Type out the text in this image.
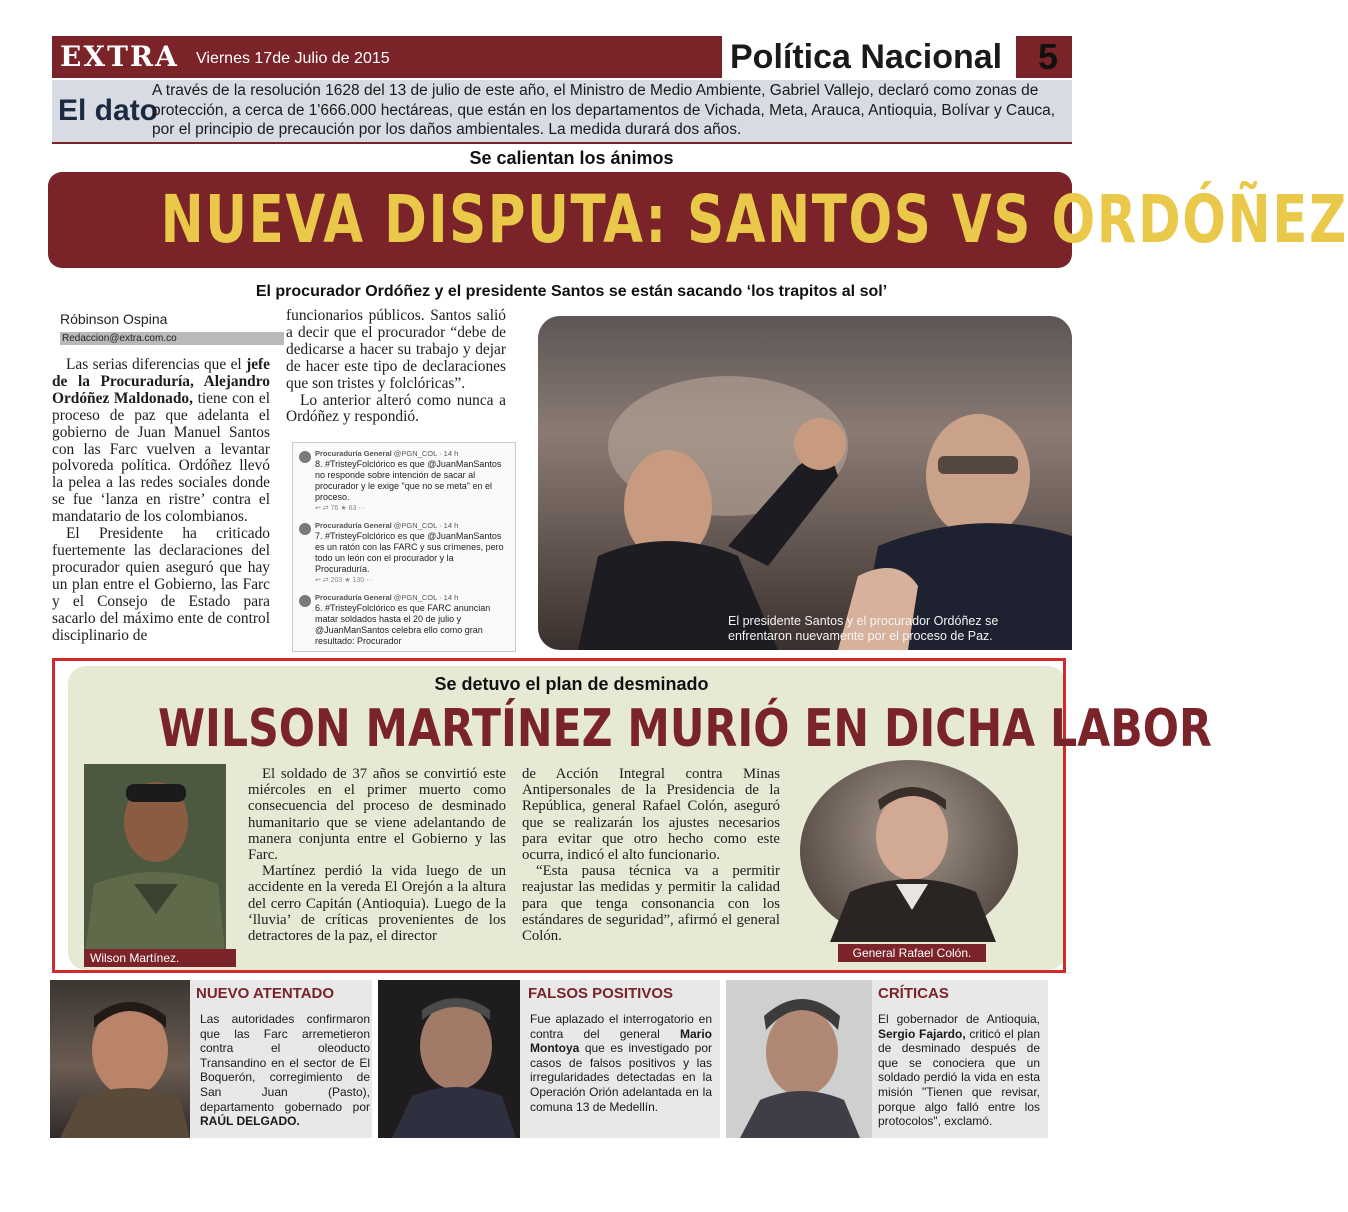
EXTRA Viernes 17de Julio de 2015	Política Nacional 5
El dato
A través de la resolución 1628 del 13 de julio de este año, el Ministro de Medio Ambiente, Gabriel Vallejo, declaró como zonas de protección, a cerca de 1'666.000 hectáreas, que están en los departamentos de Vichada, Meta, Arauca, Antioquia, Bolívar y Cauca, por el principio de precaución por los daños ambientales. La medida durará dos años.
Se calientan los ánimos
NUEVA DISPUTA: SANTOS VS ORDÓÑEZ
El procurador Ordóñez y el presidente Santos se están sacando ‘los trapitos al sol’
Róbinson Ospina
Redaccion@extra.com.co

Las serias diferencias que el jefe de la Procuraduría, Alejandro Ordóñez Maldonado, tiene con el proceso de paz que adelanta el gobierno de Juan Manuel Santos con las Farc vuelven a levantar polvoreda política. Ordóñez llevó la pelea a las redes sociales donde se fue ‘lanza en ristre’ contra el mandatario de los colombianos.

El Presidente ha criticado fuertemente las declaraciones del procurador quien aseguró que hay un plan entre el Gobierno, las Farc y el Consejo de Estado para sacarlo del máximo ente de control disciplinario de

funcionarios públicos. Santos salió a decir que el procurador “debe de dedicarse a hacer su trabajo y dejar de hacer este tipo de declaraciones que son tristes y folclóricas”.

Lo anterior alteró como nunca a Ordóñez y respondió.

Procuraduría General @PGN_COL · 14 h
8. #TristeyFolclórico es que @JuanManSantos no responde sobre intención de sacar al procurador y le exige "que no se meta" en el proceso.
↩ ⇄ 76 ★ 63 ···
Procuraduría General @PGN_COL · 14 h
7. #TristeyFolclórico es que @JuanManSantos es un ratón con las FARC y sus crímenes, pero todo un león con el procurador y la Procuraduría.
↩ ⇄ 203 ★ 130 ···
Procuraduría General @PGN_COL · 14 h
6. #TristeyFolclórico es que FARC anuncian matar soldados hasta el 20 de julio y @JuanManSantos celebra ello como gran resultado: Procurador
El presidente Santos y el procurador Ordóñez se enfrentaron nuevamente por el proceso de Paz.
Se detuvo el plan de desminado
WILSON MARTÍNEZ MURIÓ EN DICHA LABOR
Wilson Martínez.

El soldado de 37 años se convirtió este miércoles en el primer muerto como consecuencia del proceso de desminado humanitario que se viene adelantando de manera conjunta entre el Gobierno y las Farc.

Martínez perdió la vida luego de un accidente en la vereda El Orejón a la altura del cerro Capitán (Antioquia). Luego de la ‘lluvia’ de críticas provenientes de los detractores de la paz, el director

de Acción Integral contra Minas Antipersonales de la Presidencia de la República, general Rafael Colón, aseguró que se realizarán los ajustes necesarios para evitar que otro hecho como este ocurra, indicó el alto funcionario.

“Esta pausa técnica va a permitir reajustar las medidas y permitir la calidad para que tenga consonancia con los estándares de seguridad”, afirmó el general Colón.

General Rafael Colón.
NUEVO ATENTADO
Las autoridades confirmaron que las Farc arremetieron contra el oleoducto Transandino en el sector de El Boquerón, corregimiento de San Juan (Pasto), departamento gobernado por RAÚL DELGADO.
FALSOS POSITIVOS
Fue aplazado el interrogatorio en contra del general Mario Montoya que es investigado por casos de falsos positivos y las irregularidades detectadas en la Operación Orión adelantada en la comuna 13 de Medellín.
CRÍTICAS
El gobernador de Antioquia, Sergio Fajardo, criticó el plan de desminado después de que se conociera que un soldado perdió la vida en esta misión "Tienen que revisar, porque algo falló entre los protocolos", exclamó.
